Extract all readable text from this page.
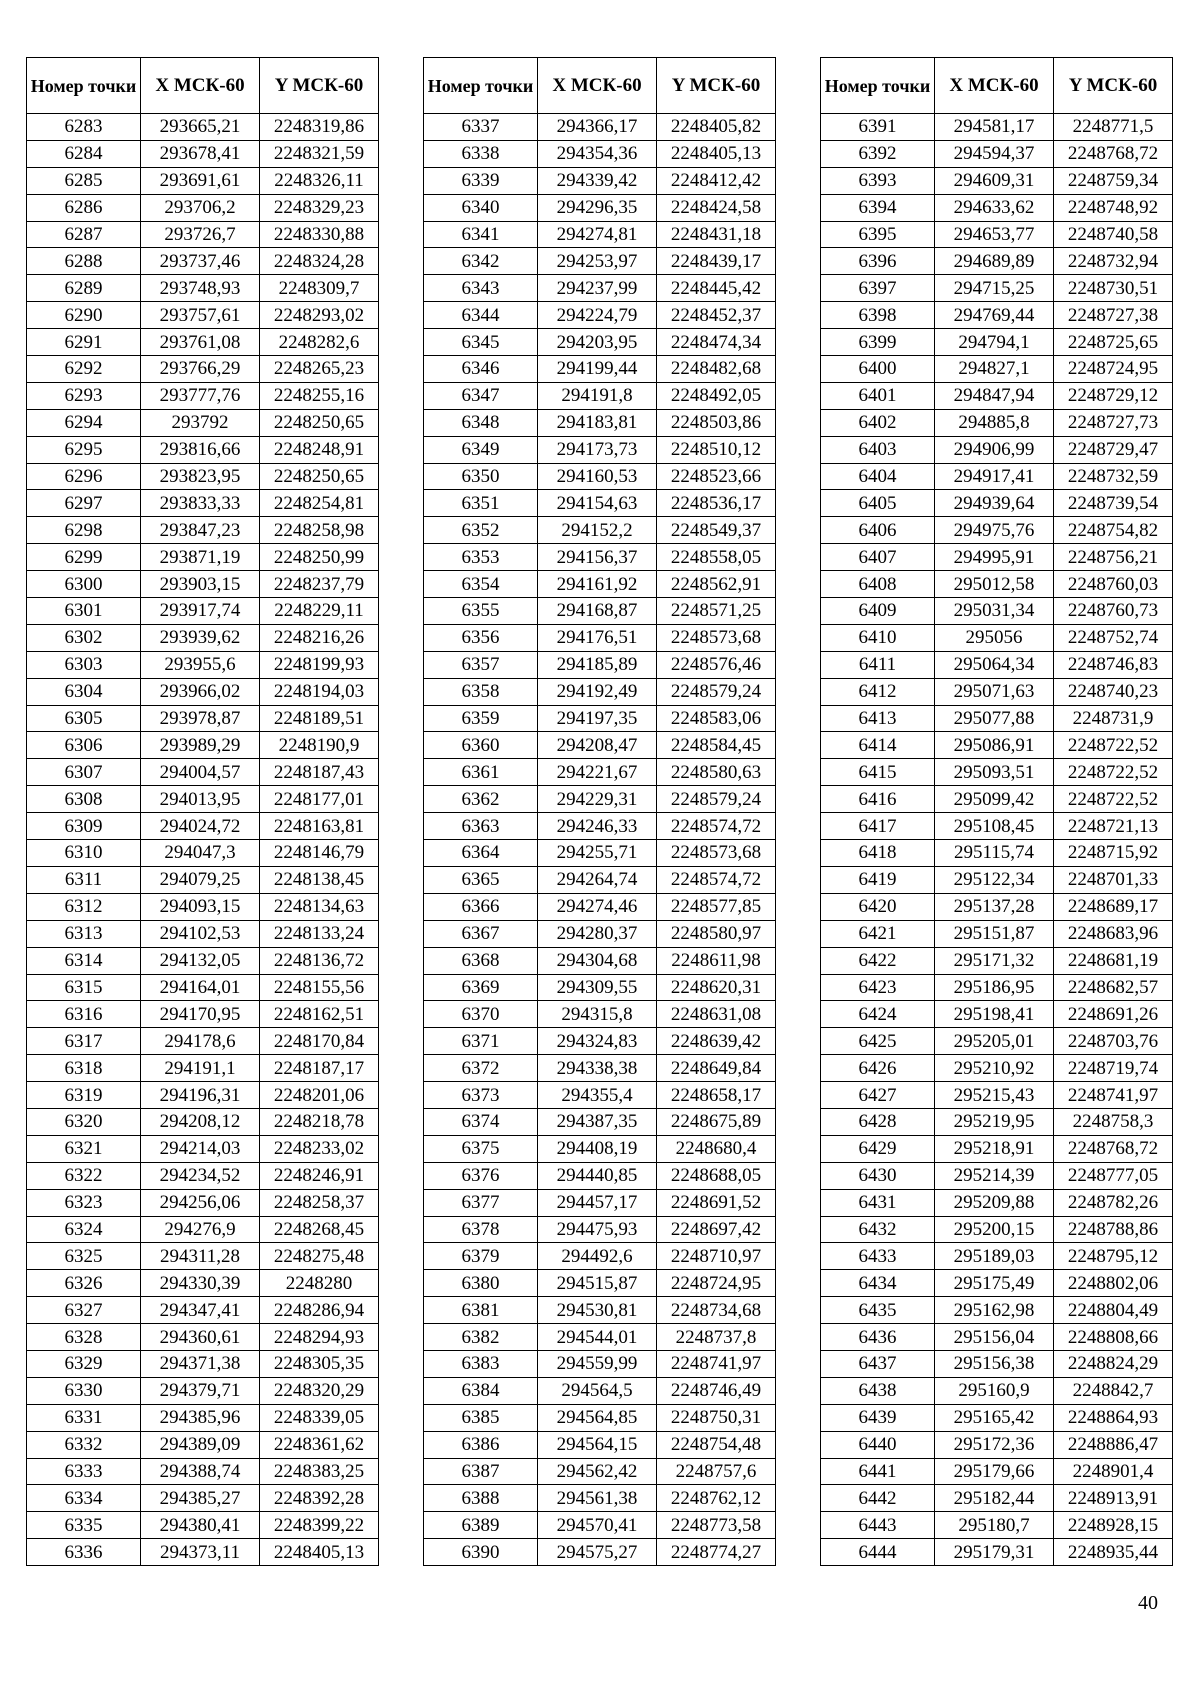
Номер точки	X МСК-60	Y МСК-60
6283	293665,21	2248319,86
6284	293678,41	2248321,59
6285	293691,61	2248326,11
6286	293706,2	2248329,23
6287	293726,7	2248330,88
6288	293737,46	2248324,28
6289	293748,93	2248309,7
6290	293757,61	2248293,02
6291	293761,08	2248282,6
6292	293766,29	2248265,23
6293	293777,76	2248255,16
6294	293792	2248250,65
6295	293816,66	2248248,91
6296	293823,95	2248250,65
6297	293833,33	2248254,81
6298	293847,23	2248258,98
6299	293871,19	2248250,99
6300	293903,15	2248237,79
6301	293917,74	2248229,11
6302	293939,62	2248216,26
6303	293955,6	2248199,93
6304	293966,02	2248194,03
6305	293978,87	2248189,51
6306	293989,29	2248190,9
6307	294004,57	2248187,43
6308	294013,95	2248177,01
6309	294024,72	2248163,81
6310	294047,3	2248146,79
6311	294079,25	2248138,45
6312	294093,15	2248134,63
6313	294102,53	2248133,24
6314	294132,05	2248136,72
6315	294164,01	2248155,56
6316	294170,95	2248162,51
6317	294178,6	2248170,84
6318	294191,1	2248187,17
6319	294196,31	2248201,06
6320	294208,12	2248218,78
6321	294214,03	2248233,02
6322	294234,52	2248246,91
6323	294256,06	2248258,37
6324	294276,9	2248268,45
6325	294311,28	2248275,48
6326	294330,39	2248280
6327	294347,41	2248286,94
6328	294360,61	2248294,93
6329	294371,38	2248305,35
6330	294379,71	2248320,29
6331	294385,96	2248339,05
6332	294389,09	2248361,62
6333	294388,74	2248383,25
6334	294385,27	2248392,28
6335	294380,41	2248399,22
6336	294373,11	2248405,13
Номер точки	X МСК-60	Y МСК-60
6337	294366,17	2248405,82
6338	294354,36	2248405,13
6339	294339,42	2248412,42
6340	294296,35	2248424,58
6341	294274,81	2248431,18
6342	294253,97	2248439,17
6343	294237,99	2248445,42
6344	294224,79	2248452,37
6345	294203,95	2248474,34
6346	294199,44	2248482,68
6347	294191,8	2248492,05
6348	294183,81	2248503,86
6349	294173,73	2248510,12
6350	294160,53	2248523,66
6351	294154,63	2248536,17
6352	294152,2	2248549,37
6353	294156,37	2248558,05
6354	294161,92	2248562,91
6355	294168,87	2248571,25
6356	294176,51	2248573,68
6357	294185,89	2248576,46
6358	294192,49	2248579,24
6359	294197,35	2248583,06
6360	294208,47	2248584,45
6361	294221,67	2248580,63
6362	294229,31	2248579,24
6363	294246,33	2248574,72
6364	294255,71	2248573,68
6365	294264,74	2248574,72
6366	294274,46	2248577,85
6367	294280,37	2248580,97
6368	294304,68	2248611,98
6369	294309,55	2248620,31
6370	294315,8	2248631,08
6371	294324,83	2248639,42
6372	294338,38	2248649,84
6373	294355,4	2248658,17
6374	294387,35	2248675,89
6375	294408,19	2248680,4
6376	294440,85	2248688,05
6377	294457,17	2248691,52
6378	294475,93	2248697,42
6379	294492,6	2248710,97
6380	294515,87	2248724,95
6381	294530,81	2248734,68
6382	294544,01	2248737,8
6383	294559,99	2248741,97
6384	294564,5	2248746,49
6385	294564,85	2248750,31
6386	294564,15	2248754,48
6387	294562,42	2248757,6
6388	294561,38	2248762,12
6389	294570,41	2248773,58
6390	294575,27	2248774,27
Номер точки	X МСК-60	Y МСК-60
6391	294581,17	2248771,5
6392	294594,37	2248768,72
6393	294609,31	2248759,34
6394	294633,62	2248748,92
6395	294653,77	2248740,58
6396	294689,89	2248732,94
6397	294715,25	2248730,51
6398	294769,44	2248727,38
6399	294794,1	2248725,65
6400	294827,1	2248724,95
6401	294847,94	2248729,12
6402	294885,8	2248727,73
6403	294906,99	2248729,47
6404	294917,41	2248732,59
6405	294939,64	2248739,54
6406	294975,76	2248754,82
6407	294995,91	2248756,21
6408	295012,58	2248760,03
6409	295031,34	2248760,73
6410	295056	2248752,74
6411	295064,34	2248746,83
6412	295071,63	2248740,23
6413	295077,88	2248731,9
6414	295086,91	2248722,52
6415	295093,51	2248722,52
6416	295099,42	2248722,52
6417	295108,45	2248721,13
6418	295115,74	2248715,92
6419	295122,34	2248701,33
6420	295137,28	2248689,17
6421	295151,87	2248683,96
6422	295171,32	2248681,19
6423	295186,95	2248682,57
6424	295198,41	2248691,26
6425	295205,01	2248703,76
6426	295210,92	2248719,74
6427	295215,43	2248741,97
6428	295219,95	2248758,3
6429	295218,91	2248768,72
6430	295214,39	2248777,05
6431	295209,88	2248782,26
6432	295200,15	2248788,86
6433	295189,03	2248795,12
6434	295175,49	2248802,06
6435	295162,98	2248804,49
6436	295156,04	2248808,66
6437	295156,38	2248824,29
6438	295160,9	2248842,7
6439	295165,42	2248864,93
6440	295172,36	2248886,47
6441	295179,66	2248901,4
6442	295182,44	2248913,91
6443	295180,7	2248928,15
6444	295179,31	2248935,44
40
